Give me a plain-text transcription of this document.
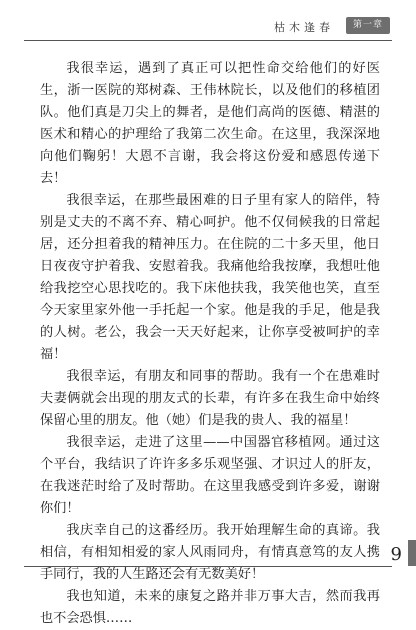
枯木逢春	第一章

我很幸运，遇到了真正可以把性命交给他们的好医生，浙一医院的郑树森、王伟林院长，以及他们的移植团队。他们真是刀尖上的舞者，是他们高尚的医德、精湛的医术和精心的护理给了我第二次生命。在这里，我深深地向他们鞠躬！大恩不言谢，我会将这份爱和感恩传递下去！

我很幸运，在那些最困难的日子里有家人的陪伴，特别是丈夫的不离不弃、精心呵护。他不仅伺候我的日常起居，还分担着我的精神压力。在住院的二十多天里，他日日夜夜守护着我、安慰着我。我痛他给我按摩，我想吐他给我挖空心思找吃的。我下床他扶我，我笑他也笑，直至今天家里家外他一手托起一个家。他是我的手足，他是我的人树。老公，我会一天天好起来，让你享受被呵护的幸福！

我很幸运，有朋友和同事的帮助。我有一个在患难时夫妻俩就会出现的朋友式的长辈，有许多在我生命中始终保留心里的朋友。他（她）们是我的贵人、我的福星！

我很幸运，走进了这里——中国器官移植网。通过这个平台，我结识了许许多多乐观坚强、才识过人的肝友，在我迷茫时给了及时帮助。在这里我感受到许多爱，谢谢你们！

我庆幸自己的这番经历。我开始理解生命的真谛。我相信，有相知相爱的家人风雨同舟，有情真意笃的友人携手同行，我的人生路还会有无数美好！

我也知道，未来的康复之路并非万事大吉，然而我再也不会恐惧……

9
